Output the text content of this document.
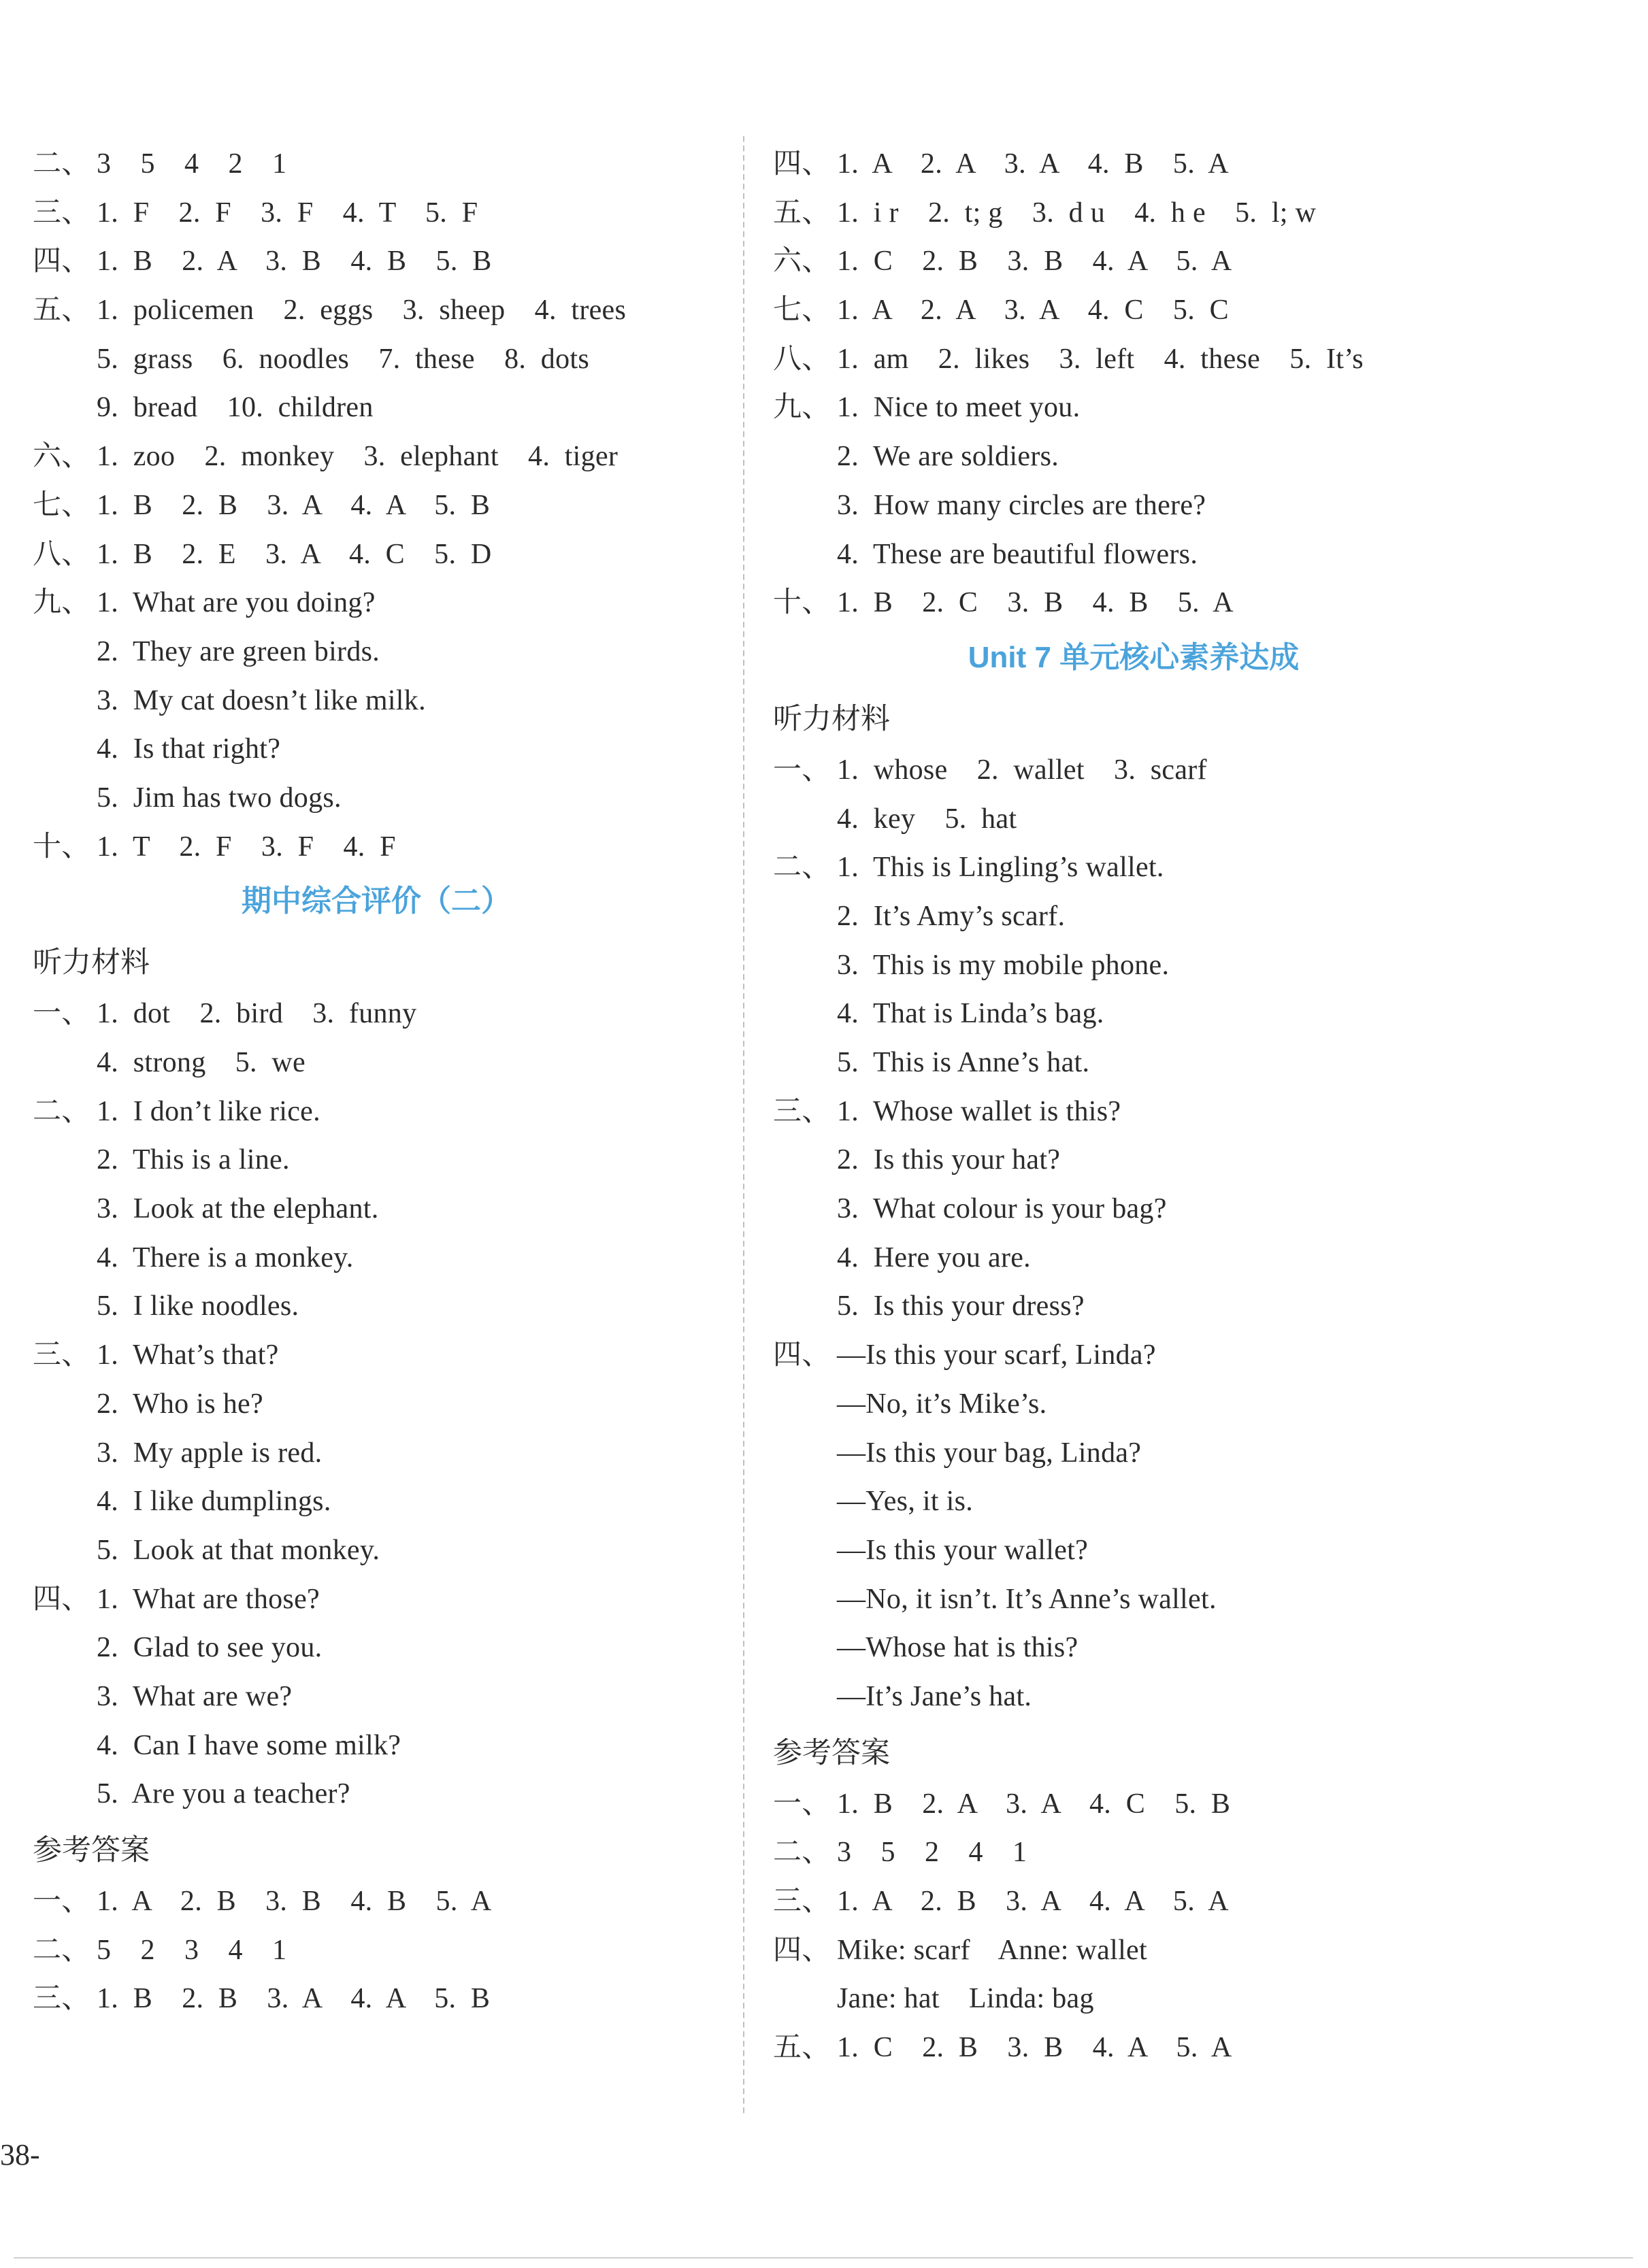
二、 3    5    4    2    1
三、 1.  F    2.  F    3.  F    4.  T    5.  F
四、 1.  B    2.  A    3.  B    4.  B    5.  B
五、 1.  policemen    2.  eggs    3.  sheep    4.  trees
5.  grass    6.  noodles    7.  these    8.  dots
9.  bread    10.  children
六、 1.  zoo    2.  monkey    3.  elephant    4.  tiger
七、 1.  B    2.  B    3.  A    4.  A    5.  B
八、 1.  B    2.  E    3.  A    4.  C    5.  D
九、 1.  What are you doing?
2.  They are green birds.
3.  My cat doesn’t like milk.
4.  Is that right?
5.  Jim has two dogs.
十、 1.  T    2.  F    3.  F    4.  F
期中综合评价（二）
听力材料
一、 1.  dot    2.  bird    3.  funny
4.  strong    5.  we
二、 1.  I don’t like rice.
2.  This is a line.
3.  Look at the elephant.
4.  There is a monkey.
5.  I like noodles.
三、 1.  What’s that?
2.  Who is he?
3.  My apple is red.
4.  I like dumplings.
5.  Look at that monkey.
四、 1.  What are those?
2.  Glad to see you.
3.  What are we?
4.  Can I have some milk?
5.  Are you a teacher?
参考答案
一、 1.  A    2.  B    3.  B    4.  B    5.  A
二、 5    2    3    4    1
三、 1.  B    2.  B    3.  A    4.  A    5.  B
四、 1.  A    2.  A    3.  A    4.  B    5.  A
五、 1.  i r    2.  t; g    3.  d u    4.  h e    5.  l; w
六、 1.  C    2.  B    3.  B    4.  A    5.  A
七、 1.  A    2.  A    3.  A    4.  C    5.  C
八、 1.  am    2.  likes    3.  left    4.  these    5.  It’s
九、 1.  Nice to meet you.
2.  We are soldiers.
3.  How many circles are there?
4.  These are beautiful flowers.
十、 1.  B    2.  C    3.  B    4.  B    5.  A
Unit 7 单元核心素养达成
听力材料
一、 1.  whose    2.  wallet    3.  scarf
4.  key    5.  hat
二、 1.  This is Lingling’s wallet.
2.  It’s Amy’s scarf.
3.  This is my mobile phone.
4.  That is Linda’s bag.
5.  This is Anne’s hat.
三、 1.  Whose wallet is this?
2.  Is this your hat?
3.  What colour is your bag?
4.  Here you are.
5.  Is this your dress?
四、 —Is this your scarf, Linda?
—No, it’s Mike’s.
—Is this your bag, Linda?
—Yes, it is.
—Is this your wallet?
—No, it isn’t. It’s Anne’s wallet.
—Whose hat is this?
—It’s Jane’s hat.
参考答案
一、 1.  B    2.  A    3.  A    4.  C    5.  B
二、 3    5    2    4    1
三、 1.  A    2.  B    3.  A    4.  A    5.  A
四、 Mike: scarf    Anne: wallet
Jane: hat    Linda: bag
五、 1.  C    2.  B    3.  B    4.  A    5.  A
38-
